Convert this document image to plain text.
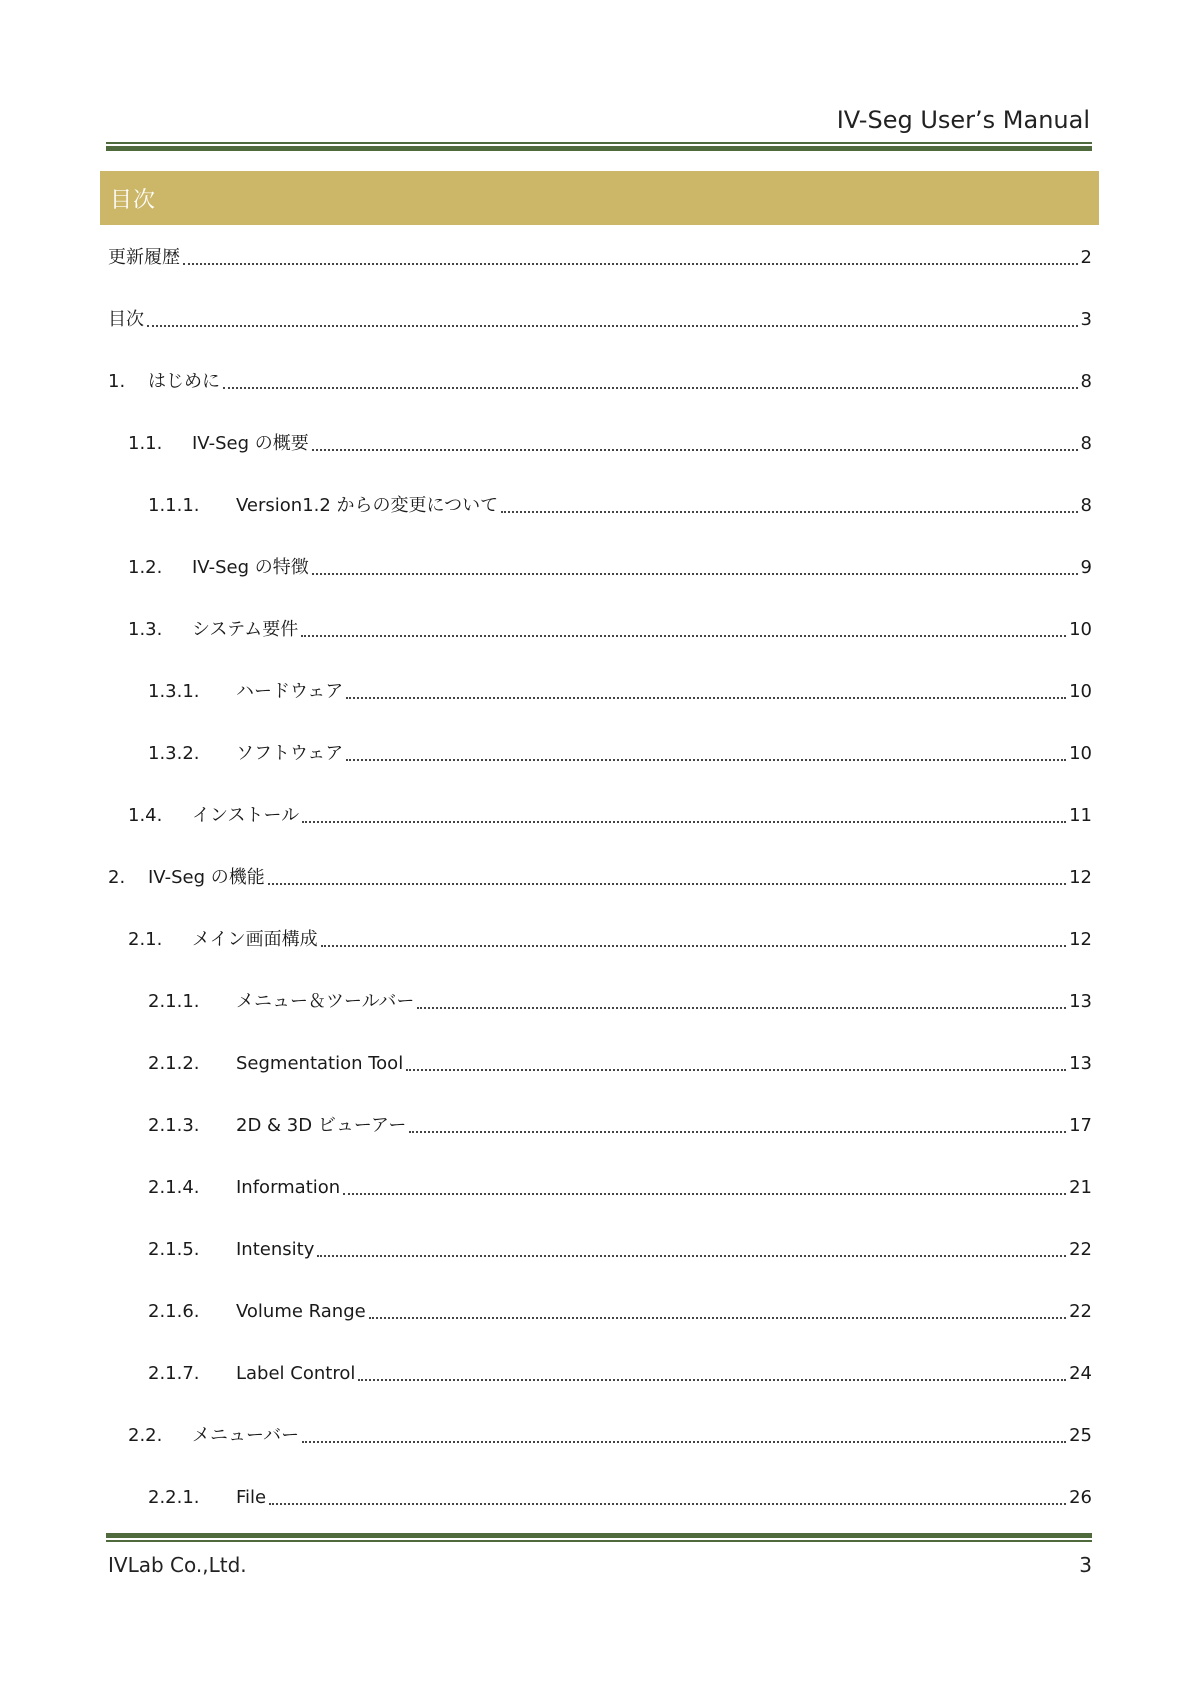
IV-Seg User’s Manual
目次
更新履歴	2
目次	3
1.	はじめに	8
1.1.	IV-Seg の概要	8
1.1.1.	Version1.2 からの変更について	8
1.2.	IV-Seg の特徴	9
1.3.	システム要件	10
1.3.1.	ハードウェア	10
1.3.2.	ソフトウェア	10
1.4.	インストール	11
2.	IV-Seg の機能	12
2.1.	メイン画面構成	12
2.1.1.	メニュー＆ツールバー	13
2.1.2.	Segmentation Tool	13
2.1.3.	2D & 3D ビューアー	17
2.1.4.	Information	21
2.1.5.	Intensity	22
2.1.6.	Volume Range	22
2.1.7.	Label Control	24
2.2.	メニューバー	25
2.2.1.	File	26
IVLab Co.,Ltd.	3
